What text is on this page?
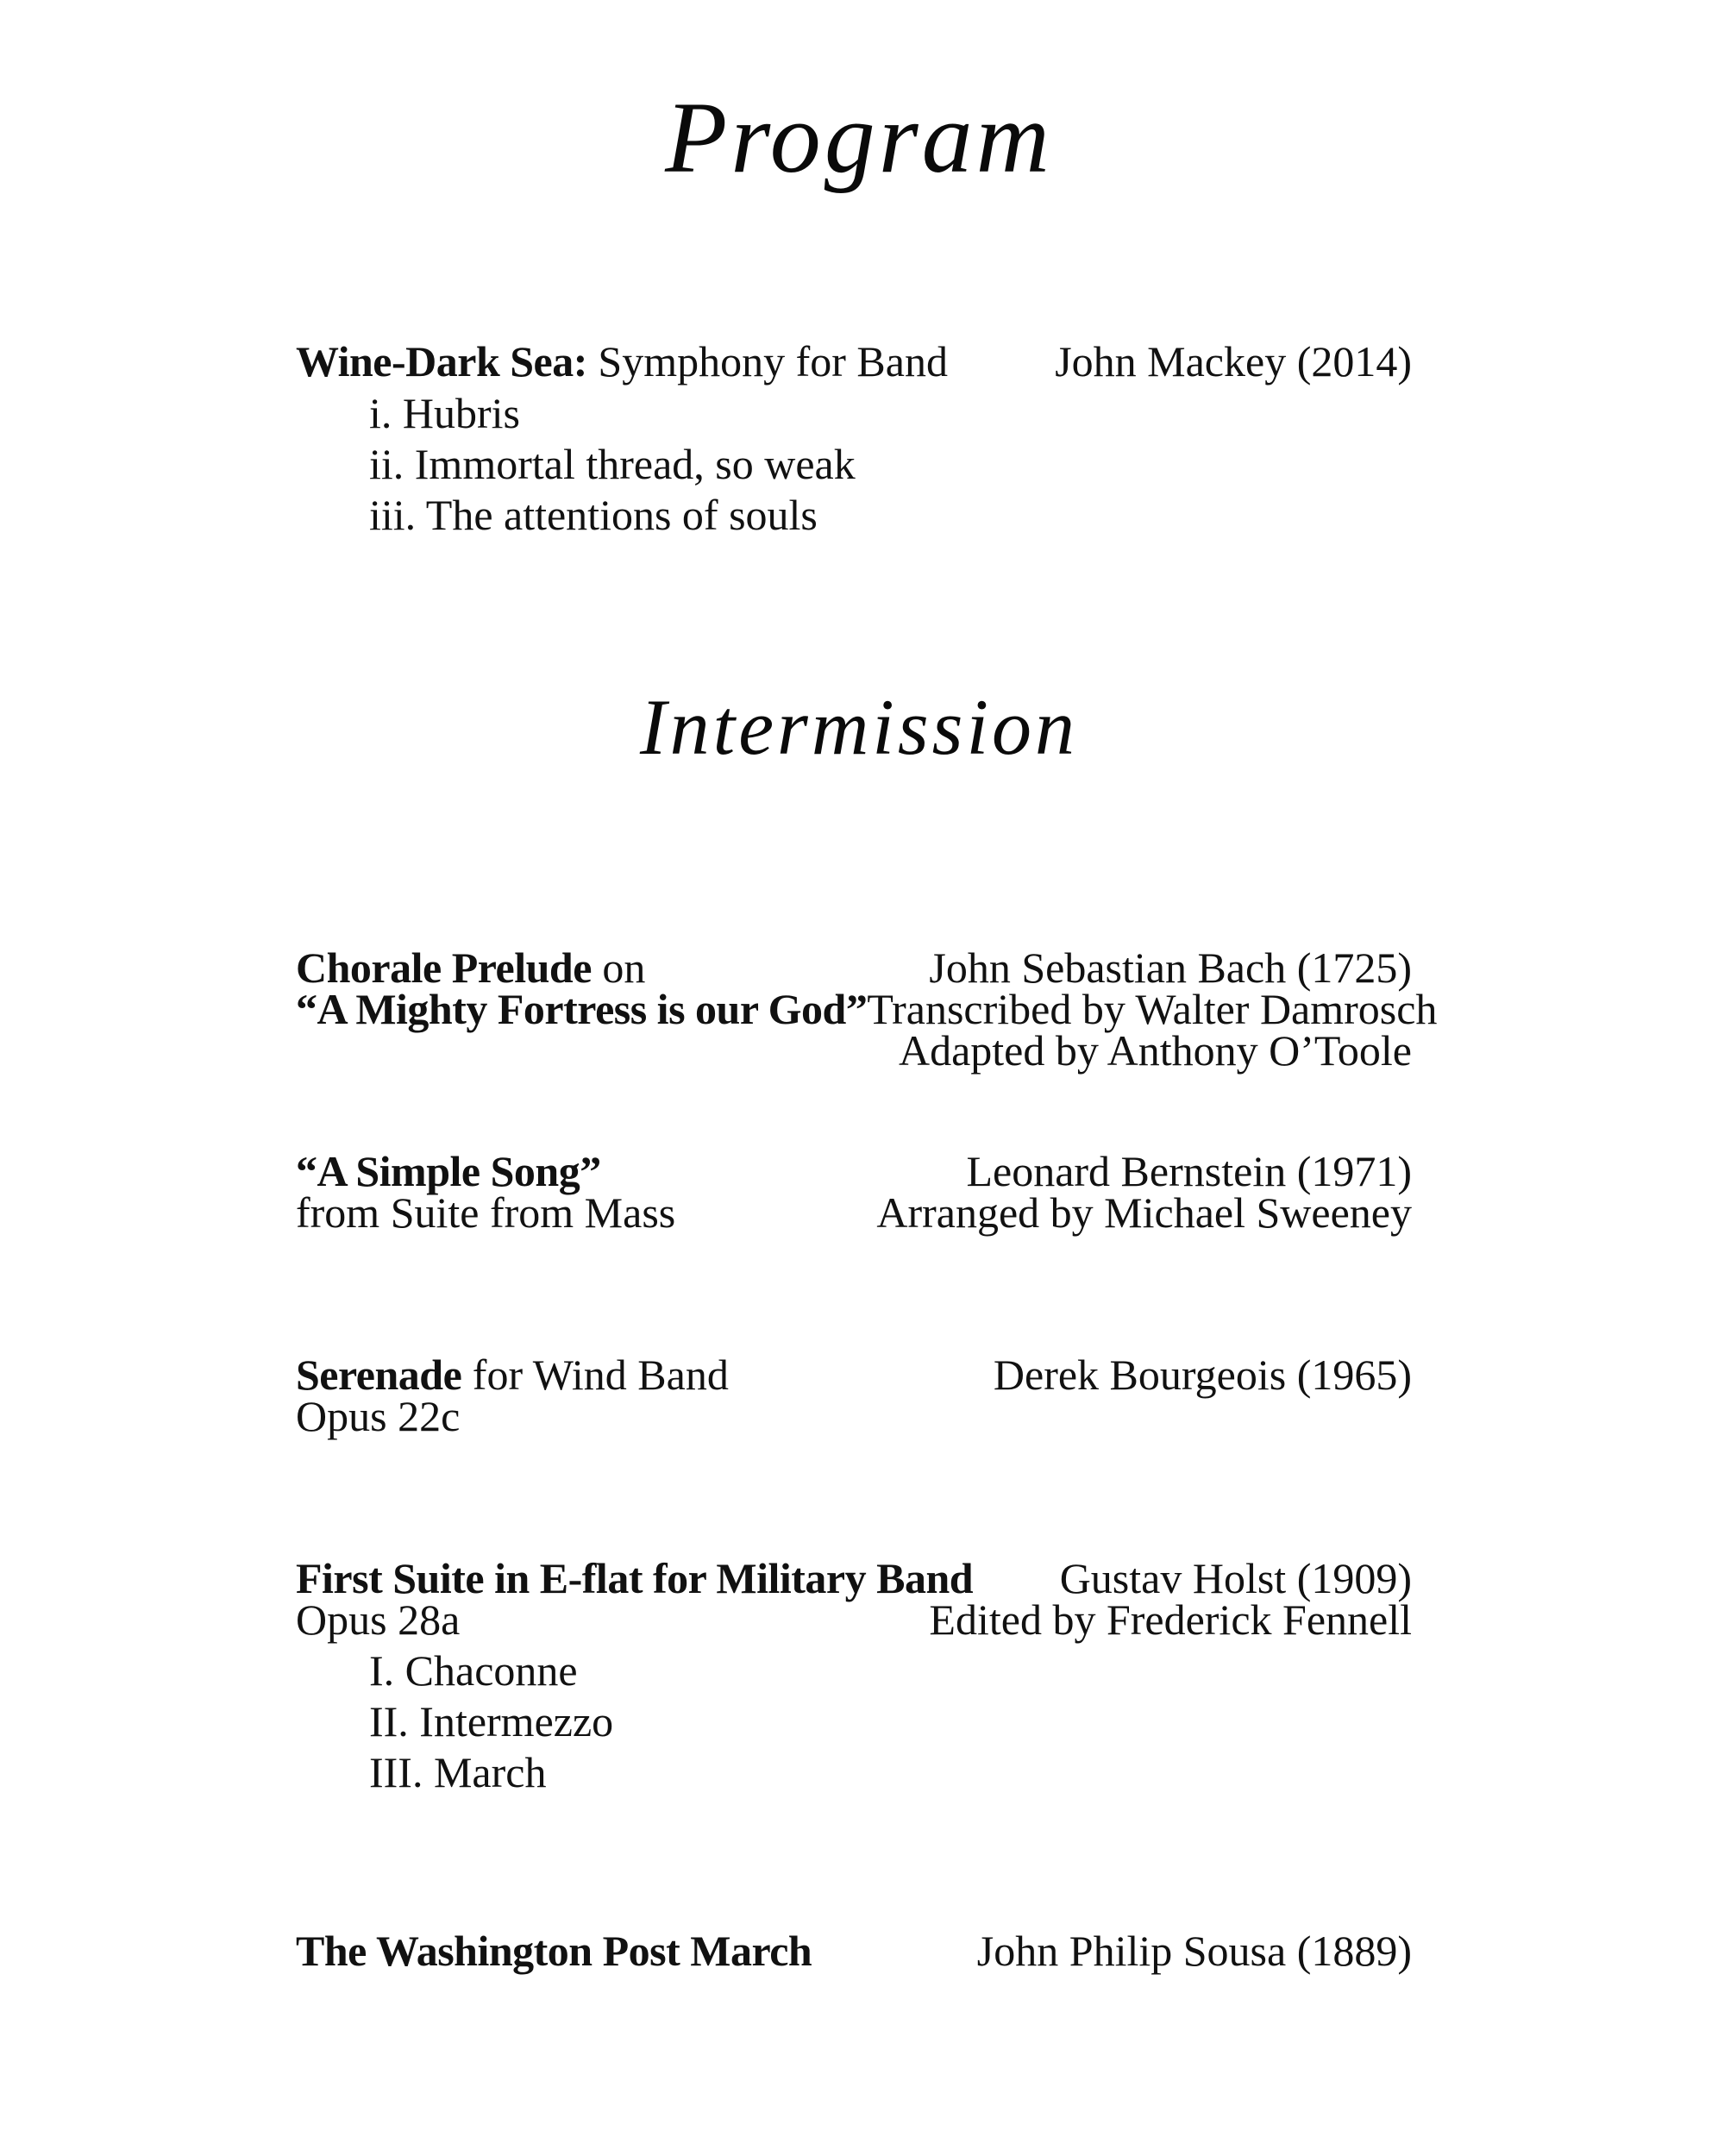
Program
Wine-Dark Sea: Symphony for Band John Mackey (2014)
i. Hubris
ii. Immortal thread, so weak
iii. The attentions of souls
Intermission
Chorale Prelude on	John Sebastian Bach (1725)
“A Mighty Fortress is our God” Transcribed by Walter Damrosch
Adapted by Anthony O’Toole
“A Simple Song”	Leonard Bernstein (1971)
from Suite from Mass	Arranged by Michael Sweeney
Serenade for Wind Band	Derek Bourgeois (1965)
Opus 22c
First Suite in E-flat for Military Band Gustav Holst (1909)
Opus 28a	Edited by Frederick Fennell
I. Chaconne
II. Intermezzo
III. March
The Washington Post March	John Philip Sousa (1889)
